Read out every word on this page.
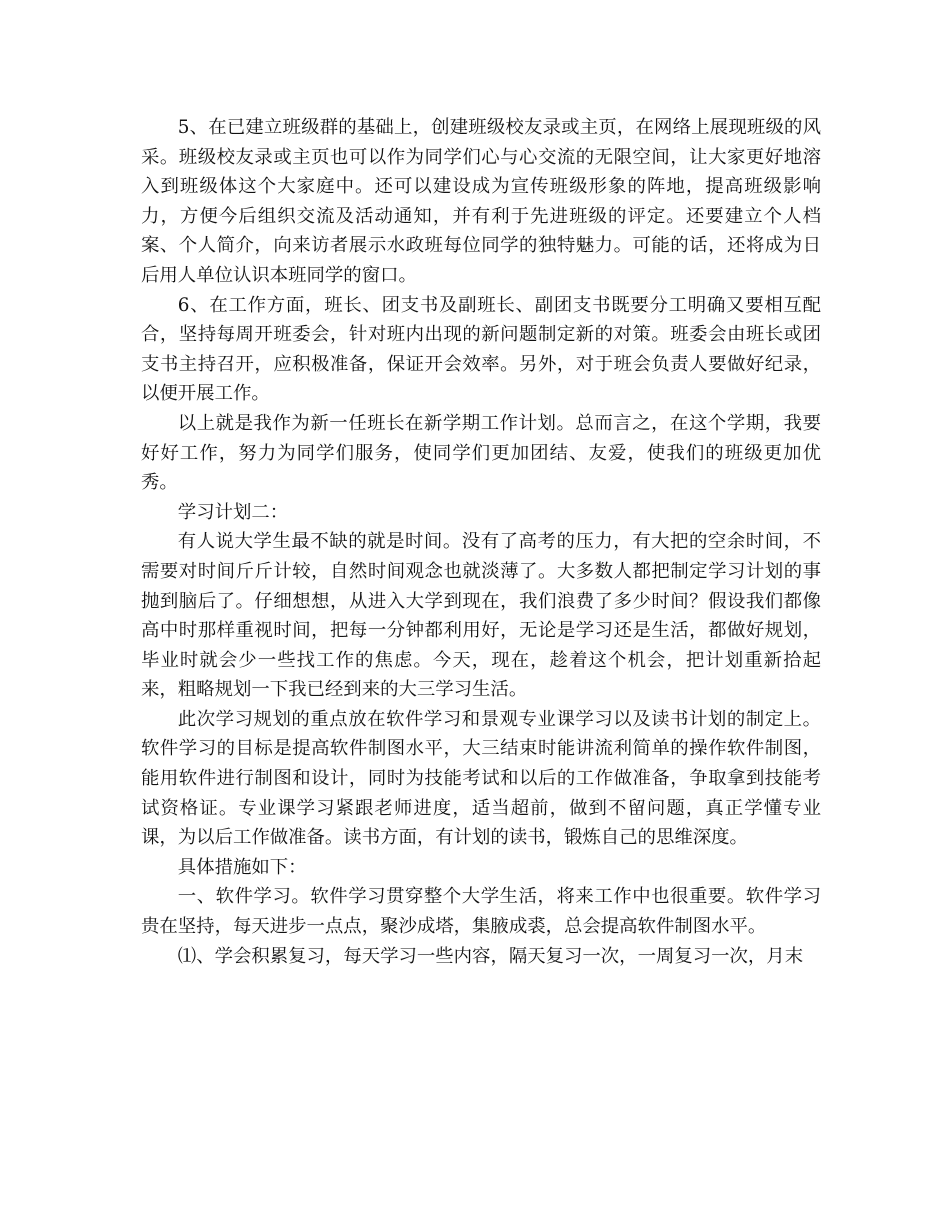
5、在已建立班级群的基础上，创建班级校友录或主页，在网络上展现班级的风采。班级校友录或主页也可以作为同学们心与心交流的无限空间，让大家更好地溶入到班级体这个大家庭中。还可以建设成为宣传班级形象的阵地，提高班级影响力，方便今后组织交流及活动通知，并有利于先进班级的评定。还要建立个人档案、个人简介，向来访者展示水政班每位同学的独特魅力。可能的话，还将成为日后用人单位认识本班同学的窗口。

6、在工作方面，班长、团支书及副班长、副团支书既要分工明确又要相互配合，坚持每周开班委会，针对班内出现的新问题制定新的对策。班委会由班长或团支书主持召开，应积极准备，保证开会效率。另外，对于班会负责人要做好纪录，以便开展工作。

以上就是我作为新一任班长在新学期工作计划。总而言之，在这个学期，我要好好工作，努力为同学们服务，使同学们更加团结、友爱，使我们的班级更加优秀。

学习计划二：

有人说大学生最不缺的就是时间。没有了高考的压力，有大把的空余时间，不需要对时间斤斤计较，自然时间观念也就淡薄了。大多数人都把制定学习计划的事抛到脑后了。仔细想想，从进入大学到现在，我们浪费了多少时间？假设我们都像高中时那样重视时间，把每一分钟都利用好，无论是学习还是生活，都做好规划，毕业时就会少一些找工作的焦虑。今天，现在，趁着这个机会，把计划重新拾起来，粗略规划一下我已经到来的大三学习生活。

此次学习规划的重点放在软件学习和景观专业课学习以及读书计划的制定上。软件学习的目标是提高软件制图水平，大三结束时能讲流利简单的操作软件制图，能用软件进行制图和设计，同时为技能考试和以后的工作做准备，争取拿到技能考试资格证。专业课学习紧跟老师进度，适当超前，做到不留问题，真正学懂专业课，为以后工作做准备。读书方面，有计划的读书，锻炼自己的思维深度。

具体措施如下：

一、软件学习。软件学习贯穿整个大学生活，将来工作中也很重要。软件学习贵在坚持，每天进步一点点，聚沙成塔，集腋成裘，总会提高软件制图水平。

⑴、学会积累复习，每天学习一些内容，隔天复习一次，一周复习一次，月末
